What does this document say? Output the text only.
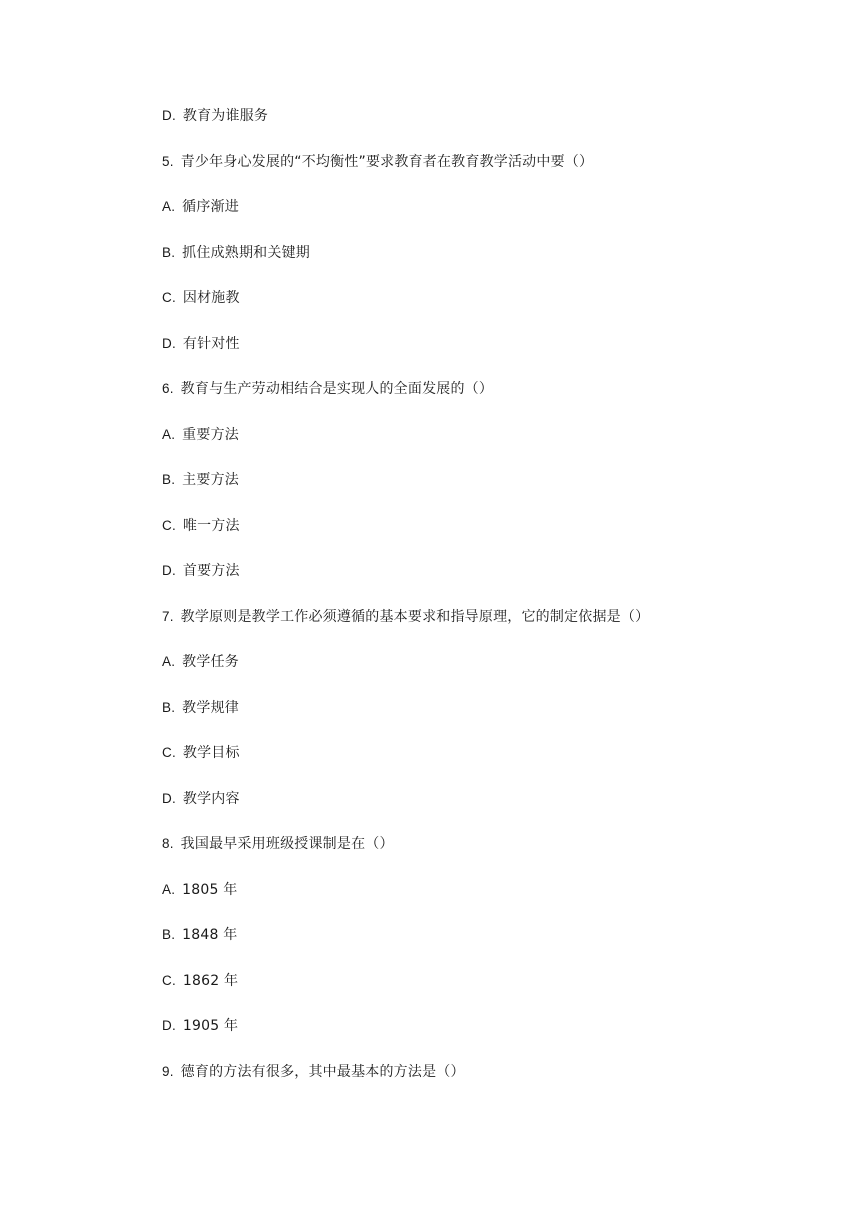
D . 教育为谁服务
5 . 青少年身心发展的“不均衡性”要求教育者在教育教学活动中要（）
A . 循序渐进
B . 抓住成熟期和关键期
C . 因材施教
D . 有针对性
6 . 教育与生产劳动相结合是实现人的全面发展的（）
A . 重要方法
B . 主要方法
C . 唯一方法
D . 首要方法
7 . 教学原则是教学工作必须遵循的基本要求和指导原理，它的制定依据是（）
A . 教学任务
B . 教学规律
C . 教学目标
D . 教学内容
8 . 我国最早采用班级授课制是在（）
A . 1805 年
B . 1848 年
C . 1862 年
D . 1905 年
9 . 德育的方法有很多，其中最基本的方法是（）
